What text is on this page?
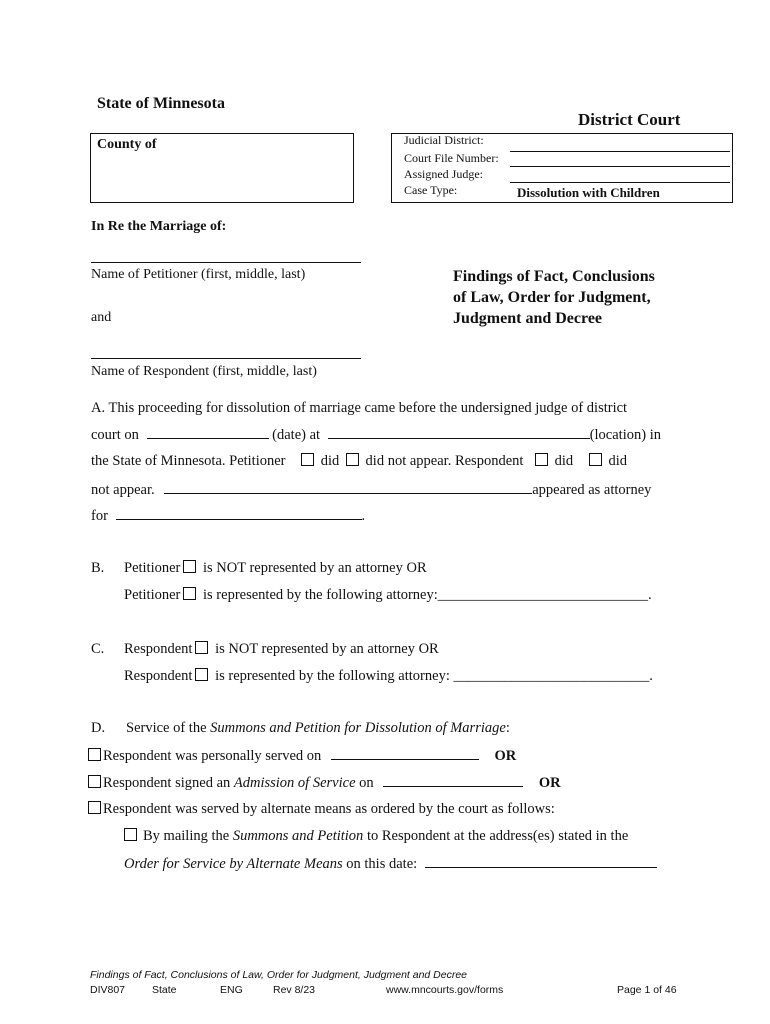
State of Minnesota
District Court
County of	Judicial District:
Court File Number:
Assigned Judge:
Case Type:	Dissolution with Children
In Re the Marriage of:
Name of Petitioner (first, middle, last)
and
Name of Respondent (first, middle, last)
Findings of Fact, Conclusions
of Law, Order for Judgment,
Judgment and Decree
A. This proceeding for dissolution of marriage came before the undersigned judge of district
court on	(date) at	(location) in
the State of Minnesota. Petitioner did did not appear. Respondent did did
not appear.	appeared as attorney
for	.
B. Petitioner is NOT represented by an attorney OR
Petitioner is represented by the following attorney:_____________________________.
C. Respondent is NOT represented by an attorney OR
Respondent is represented by the following attorney: ___________________________.
D. Service of the Summons and Petition for Dissolution of Marriage:
Respondent was personally served on	OR
Respondent signed an Admission of Service on	OR
Respondent was served by alternate means as ordered by the court as follows:
By mailing the Summons and Petition to Respondent at the address(es) stated in the
Order for Service by Alternate Means on this date:
Findings of Fact, Conclusions of Law, Order for Judgment, Judgment and Decree
DIV807	State	ENG	Rev 8/23	www.mncourts.gov/forms	Page 1 of 46
